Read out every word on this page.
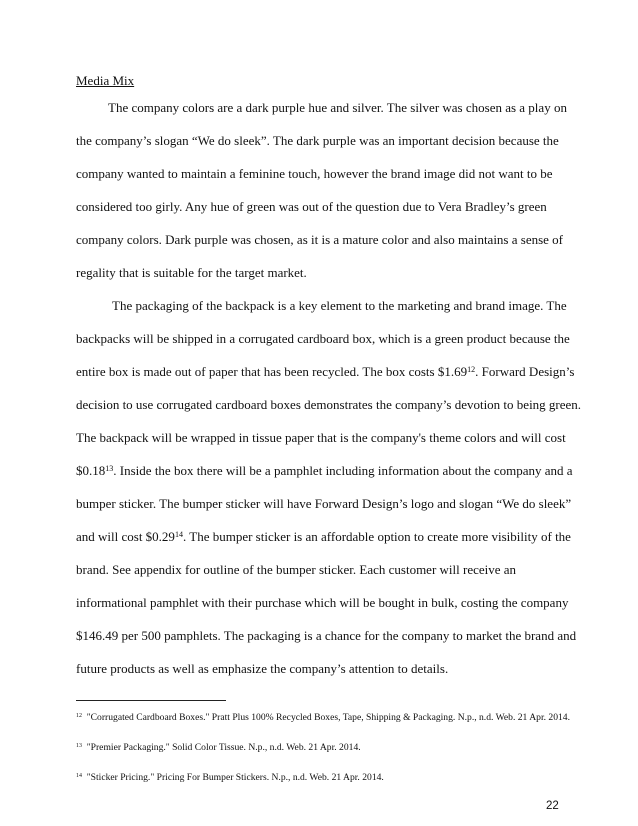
Media Mix
The company colors are a dark purple hue and silver. The silver was chosen as a play on
the company’s slogan “We do sleek”. The dark purple was an important decision because the
company wanted to maintain a feminine touch, however the brand image did not want to be
considered too girly. Any hue of green was out of the question due to Vera Bradley’s green
company colors. Dark purple was chosen, as it is a mature color and also maintains a sense of
regality that is suitable for the target market.
The packaging of the backpack is a key element to the marketing and brand image. The
backpacks will be shipped in a corrugated cardboard box, which is a green product because the
entire box is made out of paper that has been recycled. The box costs $1.69$^{12}$. Forward Design’s
decision to use corrugated cardboard boxes demonstrates the company’s devotion to being green.
The backpack will be wrapped in tissue paper that is the company's theme colors and will cost
$0.18$^{13}$. Inside the box there will be a pamphlet including information about the company and a
bumper sticker. The bumper sticker will have Forward Design’s logo and slogan “We do sleek”
and will cost $0.29$^{14}$. The bumper sticker is an affordable option to create more visibility of the
brand. See appendix for outline of the bumper sticker. Each customer will receive an
informational pamphlet with their purchase which will be bought in bulk, costing the company
$146.49 per 500 pamphlets. The packaging is a chance for the company to market the brand and
future products as well as emphasize the company’s attention to details.
$^{12}$ "Corrugated Cardboard Boxes." Pratt Plus 100% Recycled Boxes, Tape, Shipping & Packaging. N.p., n.d. Web. 21 Apr. 2014.
$^{13}$ "Premier Packaging." Solid Color Tissue. N.p., n.d. Web. 21 Apr. 2014.
$^{14}$ "Sticker Pricing." Pricing For Bumper Stickers. N.p., n.d. Web. 21 Apr. 2014.
22
